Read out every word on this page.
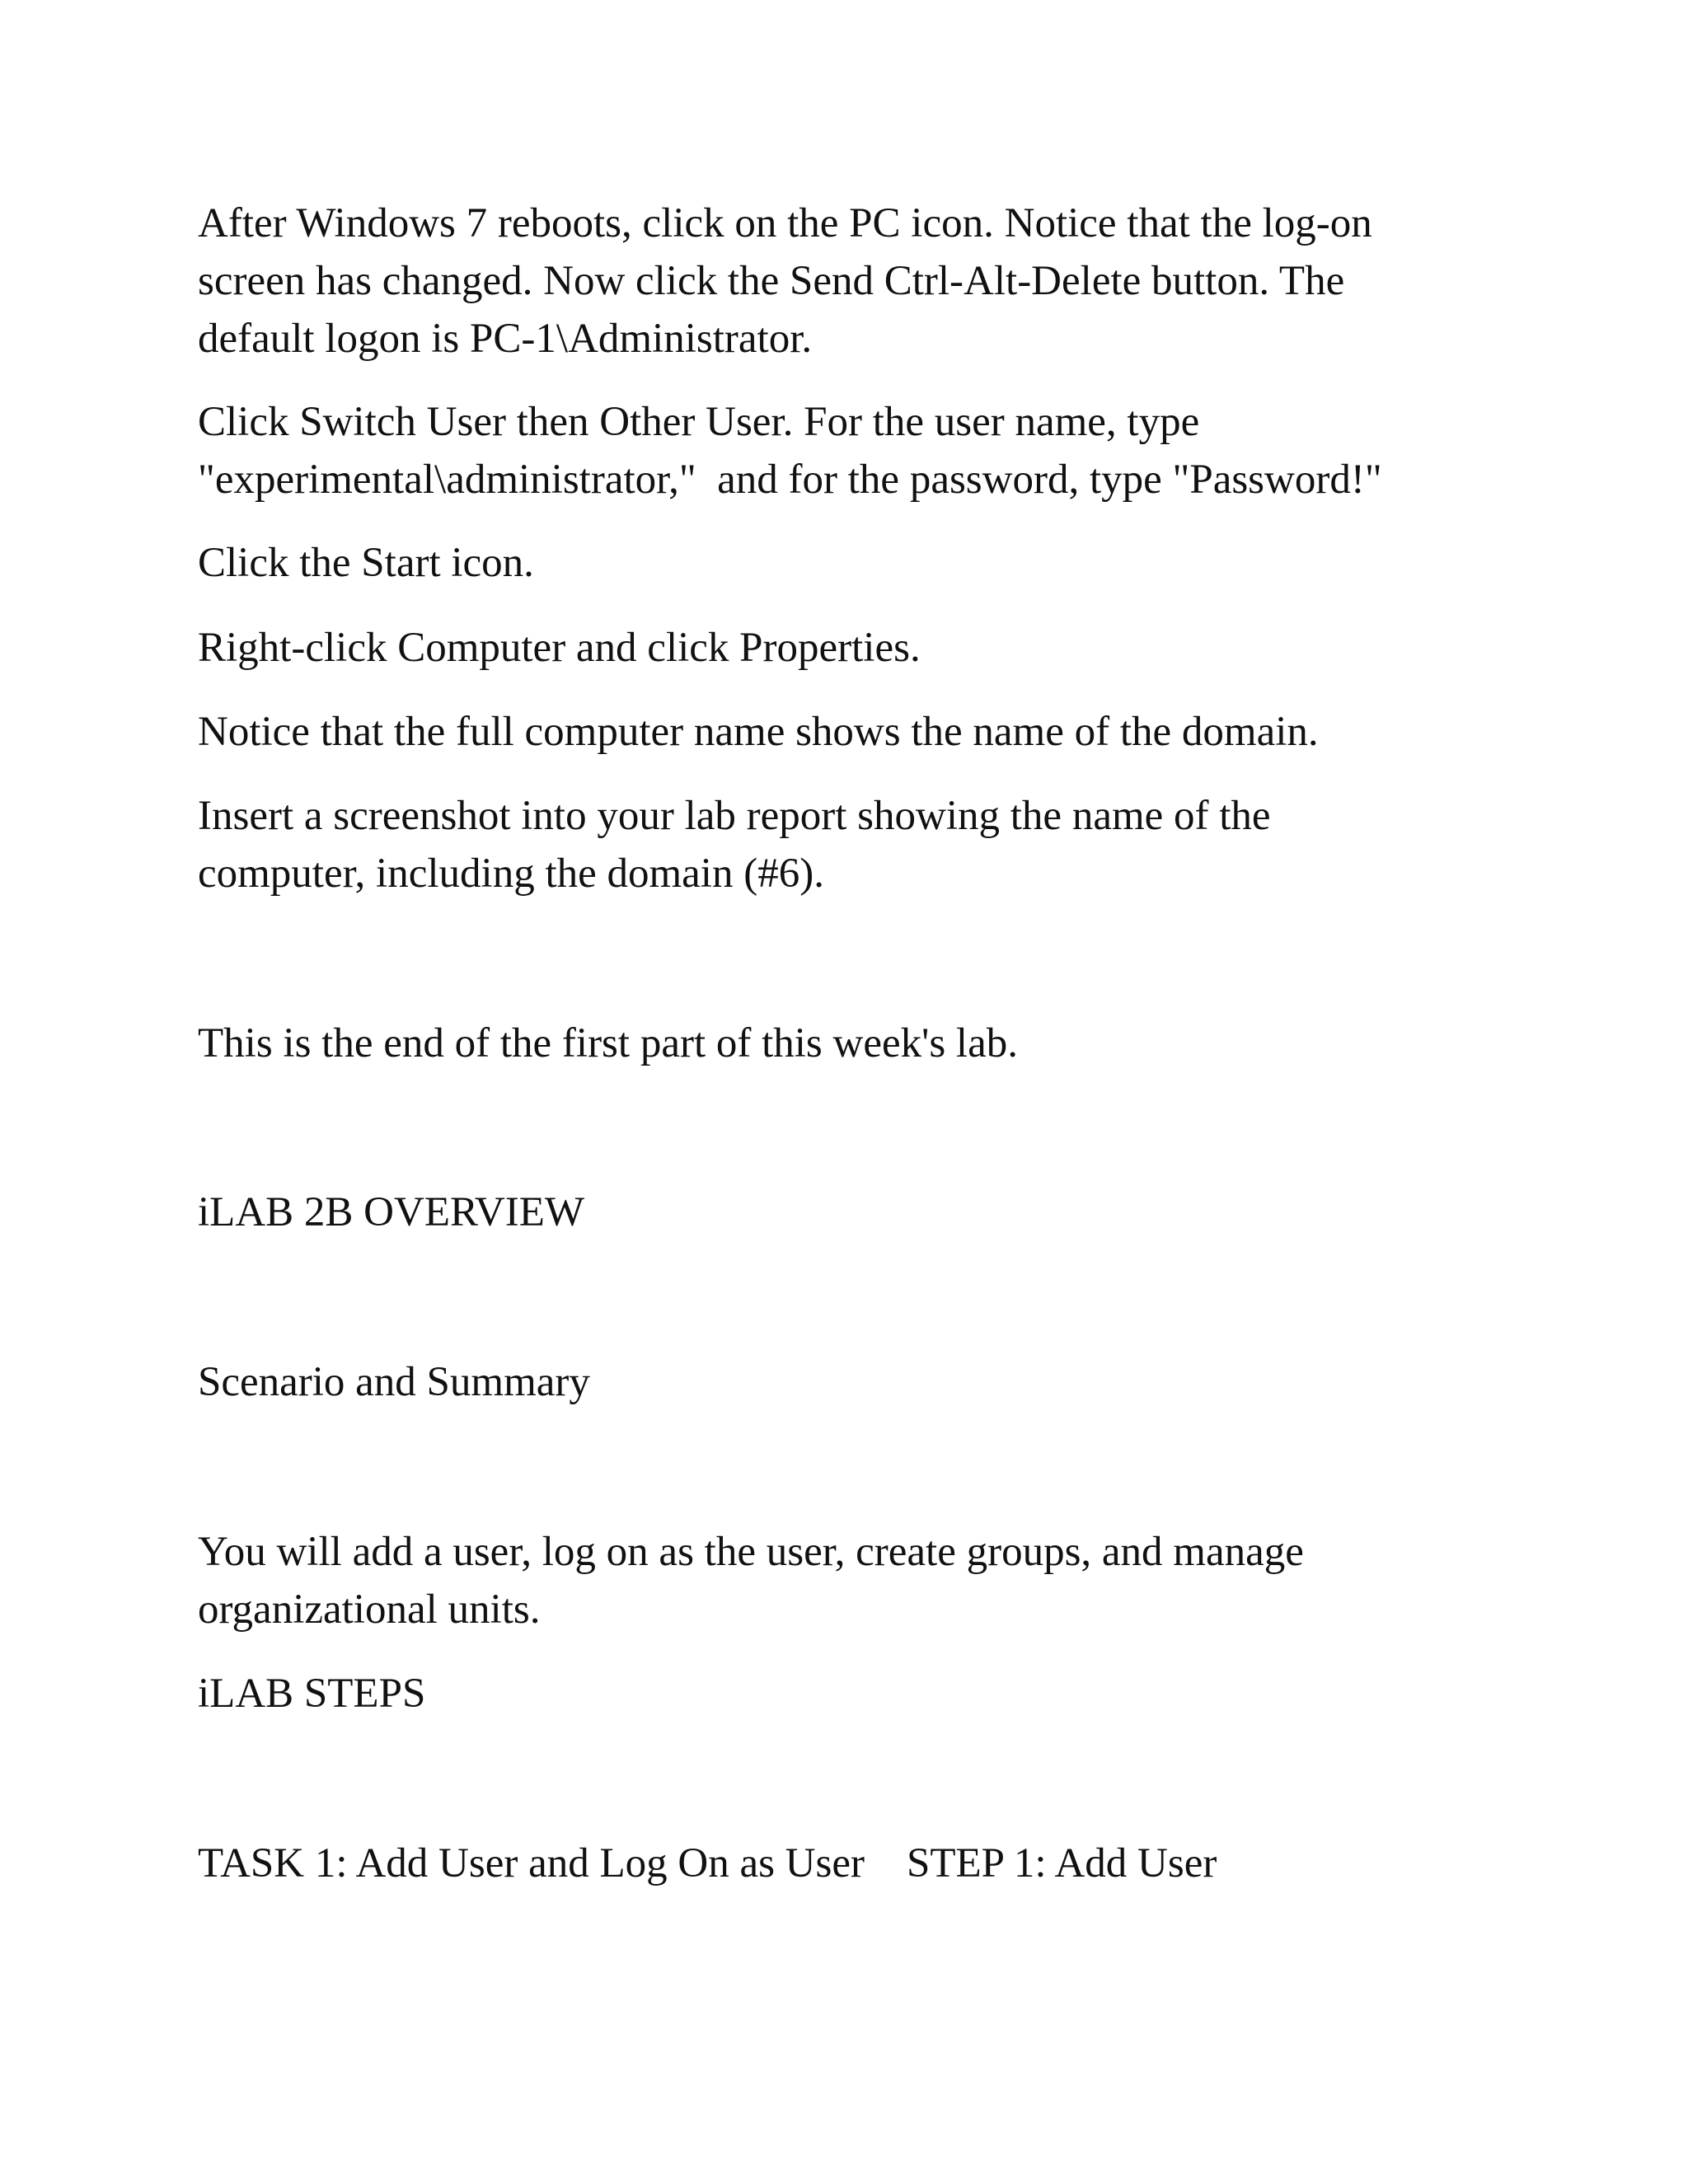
After Windows 7 reboots, click on the PC icon. Notice that the log-on
screen has changed. Now click the Send Ctrl-Alt-Delete button. The
default logon is PC-1\Administrator.
Click Switch User then Other User. For the user name, type
"experimental\administrator,"  and for the password, type "Password!"
Click the Start icon.
Right-click Computer and click Properties.
Notice that the full computer name shows the name of the domain.
Insert a screenshot into your lab report showing the name of the
computer, including the domain (#6).
This is the end of the first part of this week's lab.
iLAB 2B OVERVIEW
Scenario and Summary
You will add a user, log on as the user, create groups, and manage
organizational units.
iLAB STEPS
TASK 1: Add User and Log On as User    STEP 1: Add User
